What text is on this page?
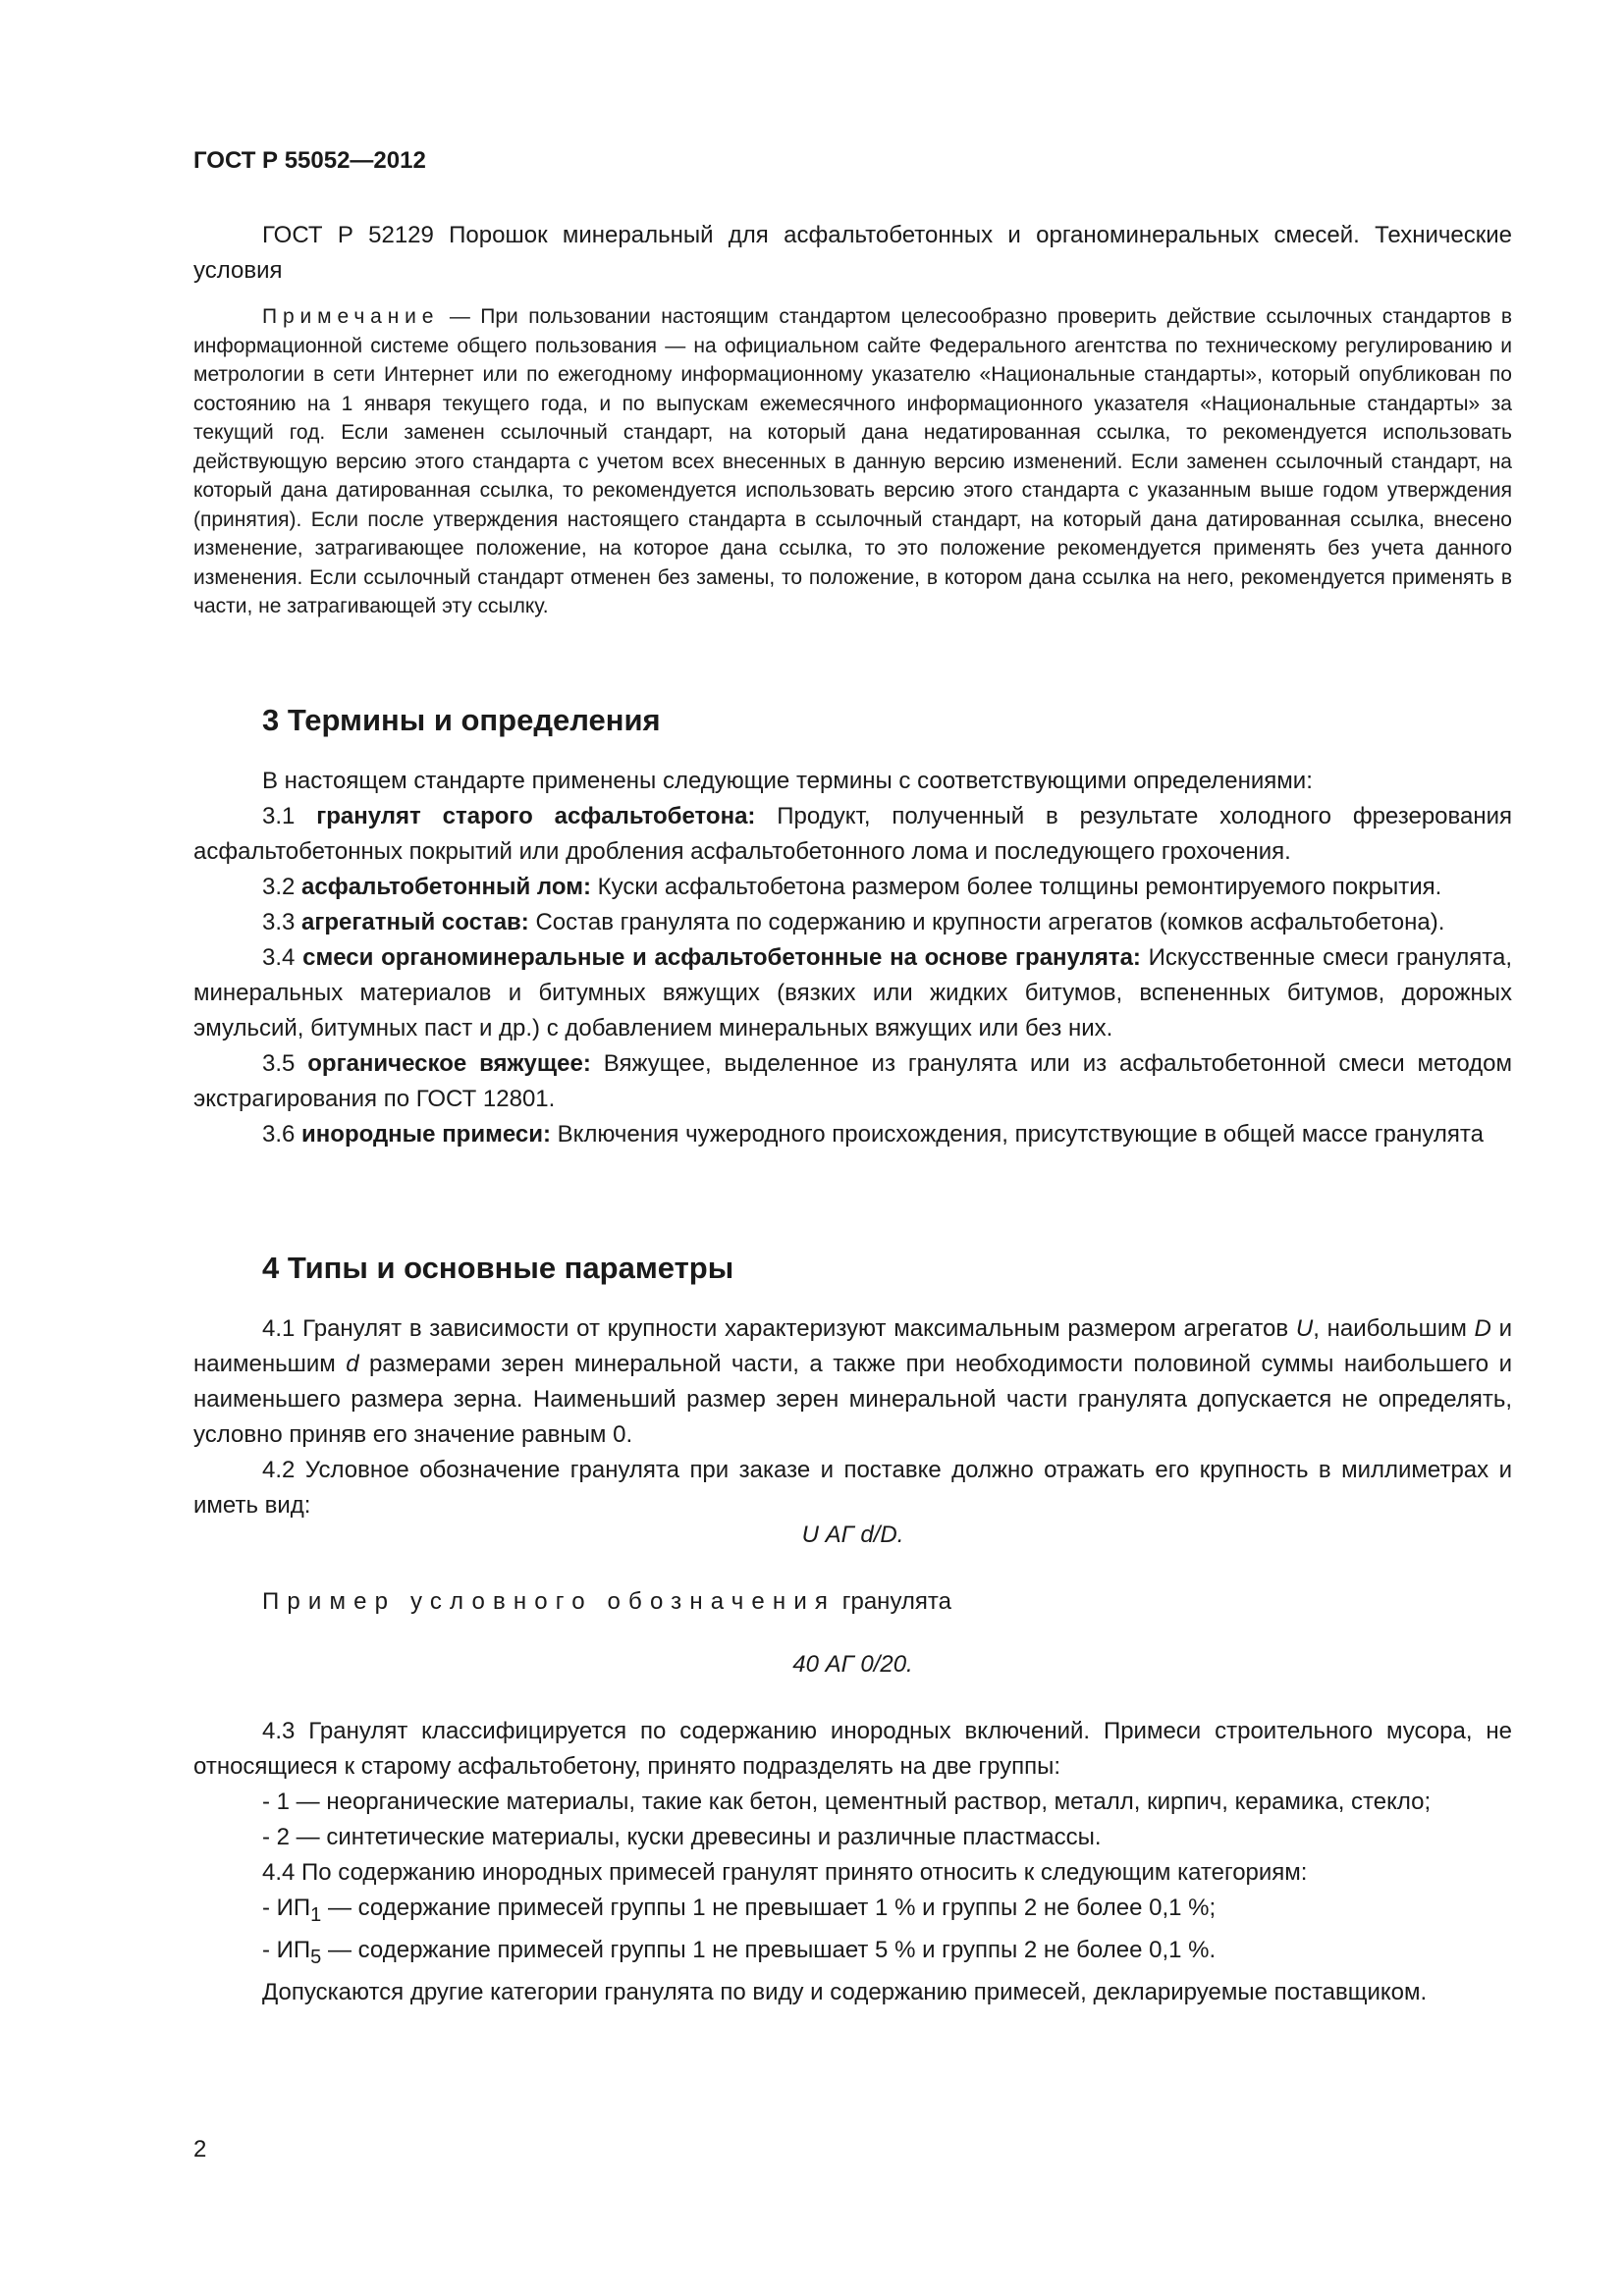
ГОСТ Р 55052—2012

ГОСТ Р 52129 Порошок минеральный для асфальтобетонных и органоминеральных смесей. Технические условия

Примечание — При пользовании настоящим стандартом целесообразно проверить действие ссылочных стандартов в информационной системе общего пользования — на официальном сайте Федерального агентства по техническому регулированию и метрологии в сети Интернет или по ежегодному информационному указателю «Национальные стандарты», который опубликован по состоянию на 1 января текущего года, и по выпускам ежемесячного информационного указателя «Национальные стандарты» за текущий год. Если заменен ссылочный стандарт, на который дана недатированная ссылка, то рекомендуется использовать действующую версию этого стандарта с учетом всех внесенных в данную версию изменений. Если заменен ссылочный стандарт, на который дана датированная ссылка, то рекомендуется использовать версию этого стандарта с указанным выше годом утверждения (принятия). Если после утверждения настоящего стандарта в ссылочный стандарт, на который дана датированная ссылка, внесено изменение, затрагивающее положение, на которое дана ссылка, то это положение рекомендуется применять без учета данного изменения. Если ссылочный стандарт отменен без замены, то положение, в котором дана ссылка на него, рекомендуется применять в части, не затрагивающей эту ссылку.

3 Термины и определения

В настоящем стандарте применены следующие термины с соответствующими определениями:

3.1 гранулят старого асфальтобетона: Продукт, полученный в результате холодного фрезерования асфальтобетонных покрытий или дробления асфальтобетонного лома и последующего грохочения.

3.2 асфальтобетонный лом: Куски асфальтобетона размером более толщины ремонтируемого покрытия.

3.3 агрегатный состав: Состав гранулята по содержанию и крупности агрегатов (комков асфальтобетона).

3.4 смеси органоминеральные и асфальтобетонные на основе гранулята: Искусственные смеси гранулята, минеральных материалов и битумных вяжущих (вязких или жидких битумов, вспененных битумов, дорожных эмульсий, битумных паст и др.) с добавлением минеральных вяжущих или без них.

3.5 органическое вяжущее: Вяжущее, выделенное из гранулята или из асфальтобетонной смеси методом экстрагирования по ГОСТ 12801.

3.6 инородные примеси: Включения чужеродного происхождения, присутствующие в общей массе гранулята

4 Типы и основные параметры

4.1 Гранулят в зависимости от крупности характеризуют максимальным размером агрегатов U, наибольшим D и наименьшим d размерами зерен минеральной части, а также при необходимости половиной суммы наибольшего и наименьшего размера зерна. Наименьший размер зерен минеральной части гранулята допускается не определять, условно приняв его значение равным 0.

4.2 Условное обозначение гранулята при заказе и поставке должно отражать его крупность в миллиметрах и иметь вид:

U АГ d/D.
Пример условного обозначения гранулята
40 АГ 0/20.

4.3 Гранулят классифицируется по содержанию инородных включений. Примеси строительного мусора, не относящиеся к старому асфальтобетону, принято подразделять на две группы:

- 1 — неорганические материалы, такие как бетон, цементный раствор, металл, кирпич, керамика, стекло;

- 2 — синтетические материалы, куски древесины и различные пластмассы.

4.4 По содержанию инородных примесей гранулят принято относить к следующим категориям:

- $ИП_1$ — содержание примесей группы 1 не превышает 1 % и группы 2 не более 0,1 %;

- $ИП_5$ — содержание примесей группы 1 не превышает 5 % и группы 2 не более 0,1 %.

Допускаются другие категории гранулята по виду и содержанию примесей, декларируемые поставщиком.

2
